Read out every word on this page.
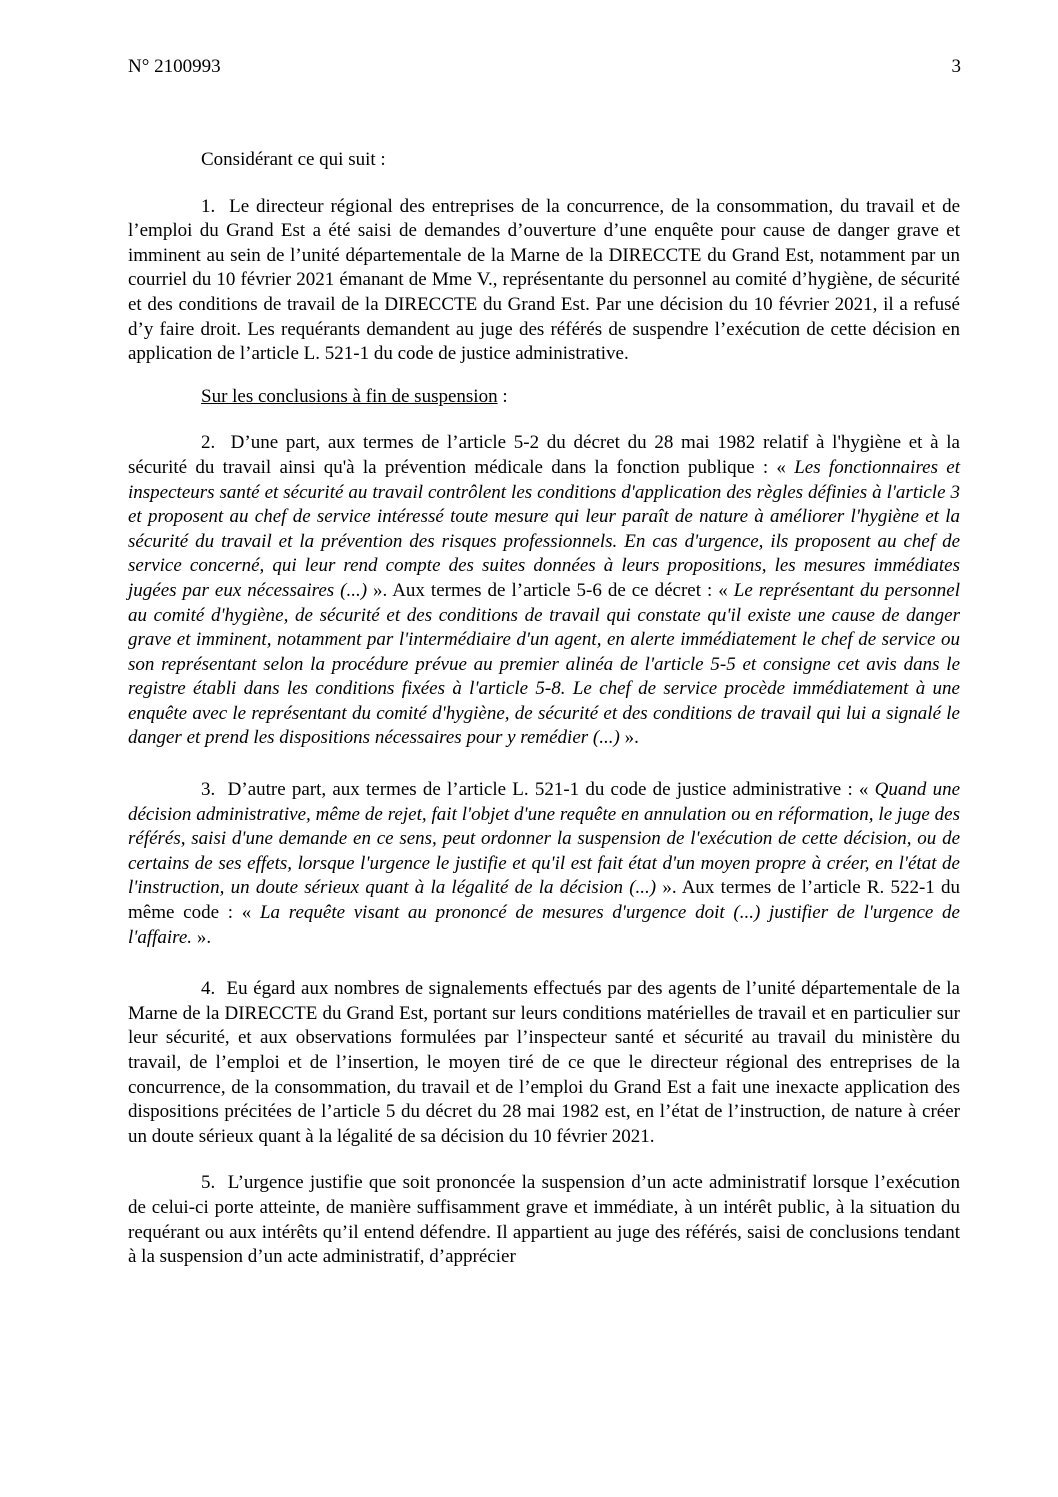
N° 2100993	3

Considérant ce qui suit :

1. Le directeur régional des entreprises de la concurrence, de la consommation, du travail et de l’emploi du Grand Est a été saisi de demandes d’ouverture d’une enquête pour cause de danger grave et imminent au sein de l’unité départementale de la Marne de la DIRECCTE du Grand Est, notamment par un courriel du 10 février 2021 émanant de Mme V., représentante du personnel au comité d’hygiène, de sécurité et des conditions de travail de la DIRECCTE du Grand Est. Par une décision du 10 février 2021, il a refusé d’y faire droit. Les requérants demandent au juge des référés de suspendre l’exécution de cette décision en application de l’article L. 521-1 du code de justice administrative.

Sur les conclusions à fin de suspension :

2. D’une part, aux termes de l’article 5-2 du décret du 28 mai 1982 relatif à l'hygiène et à la sécurité du travail ainsi qu'à la prévention médicale dans la fonction publique : « Les fonctionnaires et inspecteurs santé et sécurité au travail contrôlent les conditions d'application des règles définies à l'article 3 et proposent au chef de service intéressé toute mesure qui leur paraît de nature à améliorer l'hygiène et la sécurité du travail et la prévention des risques professionnels. En cas d'urgence, ils proposent au chef de service concerné, qui leur rend compte des suites données à leurs propositions, les mesures immédiates jugées par eux nécessaires (...) ». Aux termes de l’article 5-6 de ce décret : « Le représentant du personnel au comité d'hygiène, de sécurité et des conditions de travail qui constate qu'il existe une cause de danger grave et imminent, notamment par l'intermédiaire d'un agent, en alerte immédiatement le chef de service ou son représentant selon la procédure prévue au premier alinéa de l'article 5-5 et consigne cet avis dans le registre établi dans les conditions fixées à l'article 5-8. Le chef de service procède immédiatement à une enquête avec le représentant du comité d'hygiène, de sécurité et des conditions de travail qui lui a signalé le danger et prend les dispositions nécessaires pour y remédier (...) ».

3. D’autre part, aux termes de l’article L. 521-1 du code de justice administrative : « Quand une décision administrative, même de rejet, fait l'objet d'une requête en annulation ou en réformation, le juge des référés, saisi d'une demande en ce sens, peut ordonner la suspension de l'exécution de cette décision, ou de certains de ses effets, lorsque l'urgence le justifie et qu'il est fait état d'un moyen propre à créer, en l'état de l'instruction, un doute sérieux quant à la légalité de la décision (...) ». Aux termes de l’article R. 522-1 du même code : « La requête visant au prononcé de mesures d'urgence doit (...) justifier de l'urgence de l'affaire. ».

4. Eu égard aux nombres de signalements effectués par des agents de l’unité départementale de la Marne de la DIRECCTE du Grand Est, portant sur leurs conditions matérielles de travail et en particulier sur leur sécurité, et aux observations formulées par l’inspecteur santé et sécurité au travail du ministère du travail, de l’emploi et de l’insertion, le moyen tiré de ce que le directeur régional des entreprises de la concurrence, de la consommation, du travail et de l’emploi du Grand Est a fait une inexacte application des dispositions précitées de l’article 5 du décret du 28 mai 1982 est, en l’état de l’instruction, de nature à créer un doute sérieux quant à la légalité de sa décision du 10 février 2021.

5. L’urgence justifie que soit prononcée la suspension d’un acte administratif lorsque l’exécution de celui-ci porte atteinte, de manière suffisamment grave et immédiate, à un intérêt public, à la situation du requérant ou aux intérêts qu’il entend défendre. Il appartient au juge des référés, saisi de conclusions tendant à la suspension d’un acte administratif, d’apprécier
